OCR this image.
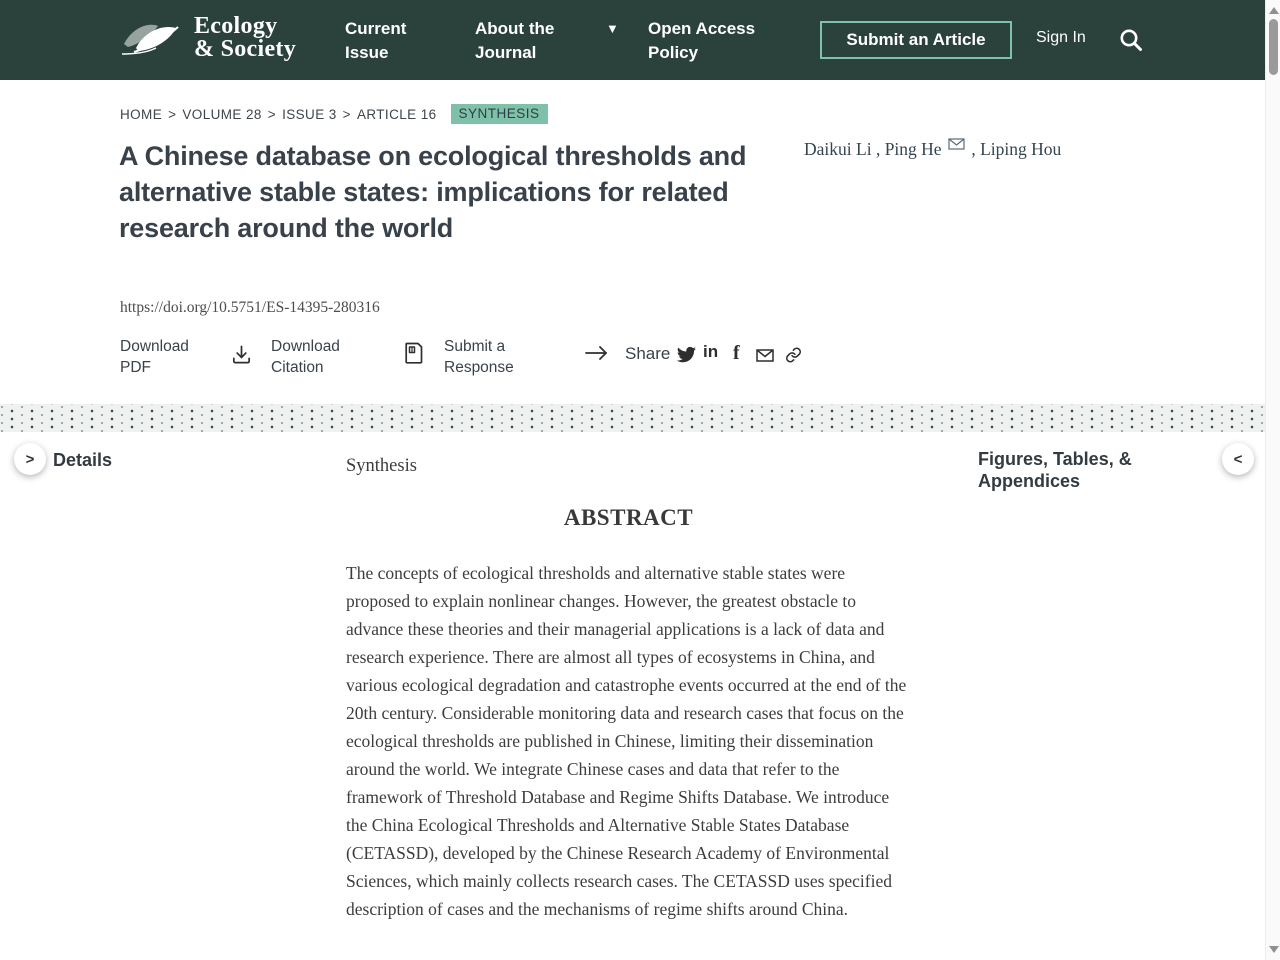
Ecology
& Society
Current Issue
About the Journal
▼ Open Access Policy
Submit an Article	Sign In
HOME > VOLUME 28 > ISSUE 3 > ARTICLE 16	SYNTHESIS
A Chinese database on ecological thresholds and alternative stable states: implications for related research around the world
Daikui Li , Ping He , Liping Hou
https://doi.org/10.5751/ES-14395-280316
Download PDF
Download Citation
Submit a Response
Share in f
> Details	Synthesis	Figures, Tables, & Appendices
<
ABSTRACT

The concepts of ecological thresholds and alternative stable states were proposed to explain nonlinear changes. However, the greatest obstacle to advance these theories and their managerial applications is a lack of data and research experience. There are almost all types of ecosystems in China, and various ecological degradation and catastrophe events occurred at the end of the 20th century. Considerable monitoring data and research cases that focus on the ecological thresholds are published in Chinese, limiting their dissemination around the world. We integrate Chinese cases and data that refer to the framework of Threshold Database and Regime Shifts Database. We introduce the China Ecological Thresholds and Alternative Stable States Database (CETASSD), developed by the Chinese Research Academy of Environmental Sciences, which mainly collects research cases. The CETASSD uses specified description of cases and the mechanisms of regime shifts around China.
